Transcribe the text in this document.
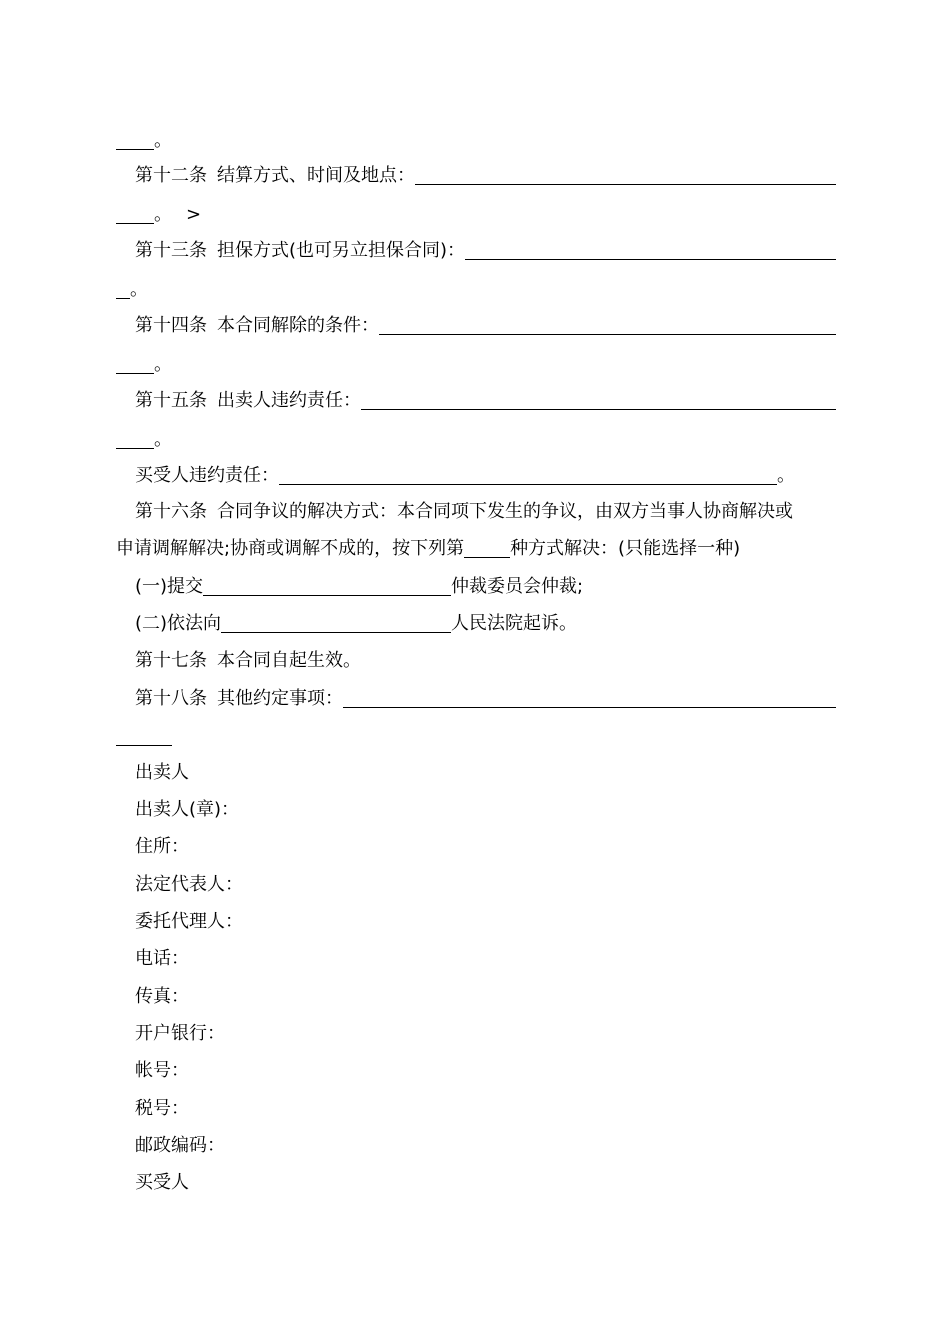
。
第十二条 结算方式、时间及地点：
。 >
第十三条 担保方式(也可另立担保合同)：
。
第十四条 本合同解除的条件：
。
第十五条 出卖人违约责任：
。
买受人违约责任：	。
第十六条 合同争议的解决方式：本合同项下发生的争议，由双方当事人协商解决或
申请调解解决;协商或调解不成的，按下列第	种方式解决：(只能选择一种)
(一)提交	仲裁委员会仲裁;
(二)依法向	人民法院起诉。
第十七条 本合同自起生效。
第十八条 其他约定事项：
出卖人
出卖人(章)：
住所：
法定代表人：
委托代理人：
电话：
传真：
开户银行：
帐号：
税号：
邮政编码：
买受人
